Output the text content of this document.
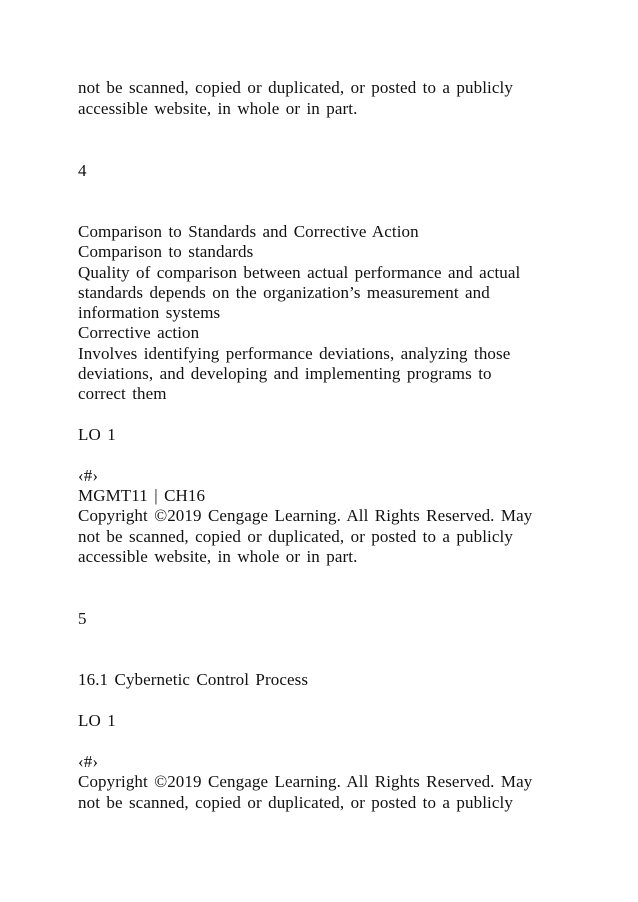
not be scanned, copied or duplicated, or posted to a publicly
accessible website, in whole or in part.
4
Comparison to Standards and Corrective Action
Comparison to standards
Quality of comparison between actual performance and actual
standards depends on the organization’s measurement and
information systems
Corrective action
Involves identifying performance deviations, analyzing those
deviations, and developing and implementing programs to
correct them
LO 1
‹#›
MGMT11 | CH16
Copyright ©2019 Cengage Learning. All Rights Reserved. May
not be scanned, copied or duplicated, or posted to a publicly
accessible website, in whole or in part.
5
16.1 Cybernetic Control Process
LO 1
‹#›
Copyright ©2019 Cengage Learning. All Rights Reserved. May
not be scanned, copied or duplicated, or posted to a publicly
